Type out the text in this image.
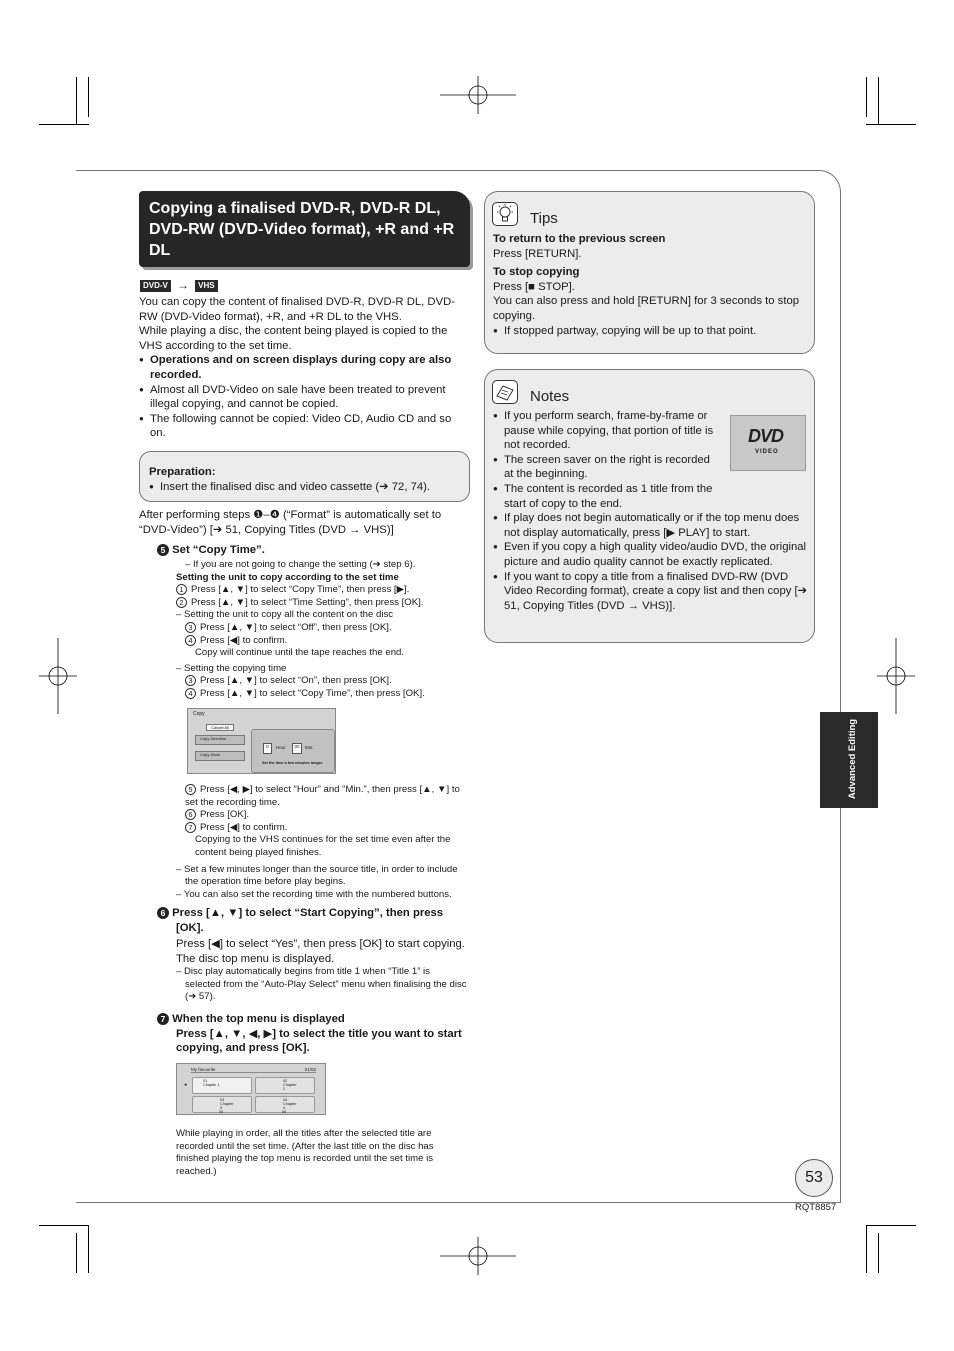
Copying a finalised DVD-R, DVD-R DL, DVD-RW (DVD-Video format), +R and +R DL
DVD-V → VHS

You can copy the content of finalised DVD-R, DVD-R DL, DVD-RW (DVD-Video format), +R, and +R DL to the VHS.

While playing a disc, the content being played is copied to the VHS according to the set time.

● Operations and on screen displays during copy are also recorded.

● Almost all DVD-Video on sale have been treated to prevent illegal copying, and cannot be copied.

● The following cannot be copied: Video CD, Audio CD and so on.

Preparation:

● Insert the finalised disc and video cassette (➔ 72, 74).

After performing steps ❶–❹ (“Format” is automatically set to “DVD-Video”) [➔ 51, Copying Titles (DVD → VHS)]

5 Set “Copy Time”.

– If you are not going to change the setting (➔ step 6).

Setting the unit to copy according to the set time

1 Press [▲, ▼] to select “Copy Time”, then press [▶].

2 Press [▲, ▼] to select “Time Setting”, then press [OK].

– Setting the unit to copy all the content on the disc

3 Press [▲, ▼] to select “Off”, then press [OK].

4 Press [◀] to confirm.

Copy will continue until the tape reaches the end.

– Setting the copying time

3 Press [▲, ▼] to select “On”, then press [OK].

4 Press [▲, ▼] to select “Copy Time”, then press [OK].

Copy
Cancel All
Copy Direction
Copy Mode
0	Hour	00	Min.
Set the time a few minutes longer.

5 Press [◀, ▶] to select “Hour” and “Min.”, then press [▲, ▼] to set the recording time.

6 Press [OK].

7 Press [◀] to confirm.

Copying to the VHS continues for the set time even after the content being played finishes.

– Set a few minutes longer than the source title, in order to include the operation time before play begins.

– You can also set the recording time with the numbered buttons.

6 Press [▲, ▼] to select “Start Copying”, then press [OK].

Press [◀] to select “Yes”, then press [OK] to start copying. The disc top menu is displayed.

– Disc play automatically begins from title 1 when “Title 1” is selected from the “Auto-Play Select” menu when finalising the disc (➔ 57).

7 When the top menu is displayed

Press [▲, ▼, ◀, ▶] to select the title you want to start copying, and press [OK].

My favourite	01/02
01
Chapter 1
02
Chapter 2
03
Chapter 3
04
Chapter 4
05	06
◂
While playing in order, all the titles after the selected title are recorded until the set time. (After the last title on the disc has finished playing the top menu is recorded until the set time is reached.)
Tips

To return to the previous screen

Press [RETURN].

To stop copying

Press [■ STOP].

You can also press and hold [RETURN] for 3 seconds to stop copying.

● If stopped partway, copying will be up to that point.

Notes
DVD
VIDEO

● If you perform search, frame-by-frame or pause while copying, that portion of title is not recorded.

● The screen saver on the right is recorded at the beginning.

● The content is recorded as 1 title from the start of copy to the end.

● If play does not begin automatically or if the top menu does not display automatically, press [▶ PLAY] to start.

● Even if you copy a high quality video/audio DVD, the original picture and audio quality cannot be exactly replicated.

● If you want to copy a title from a finalised DVD-RW (DVD Video Recording format), create a copy list and then copy [➔ 51, Copying Titles (DVD → VHS)].

Advanced Editing
53
RQT8857
